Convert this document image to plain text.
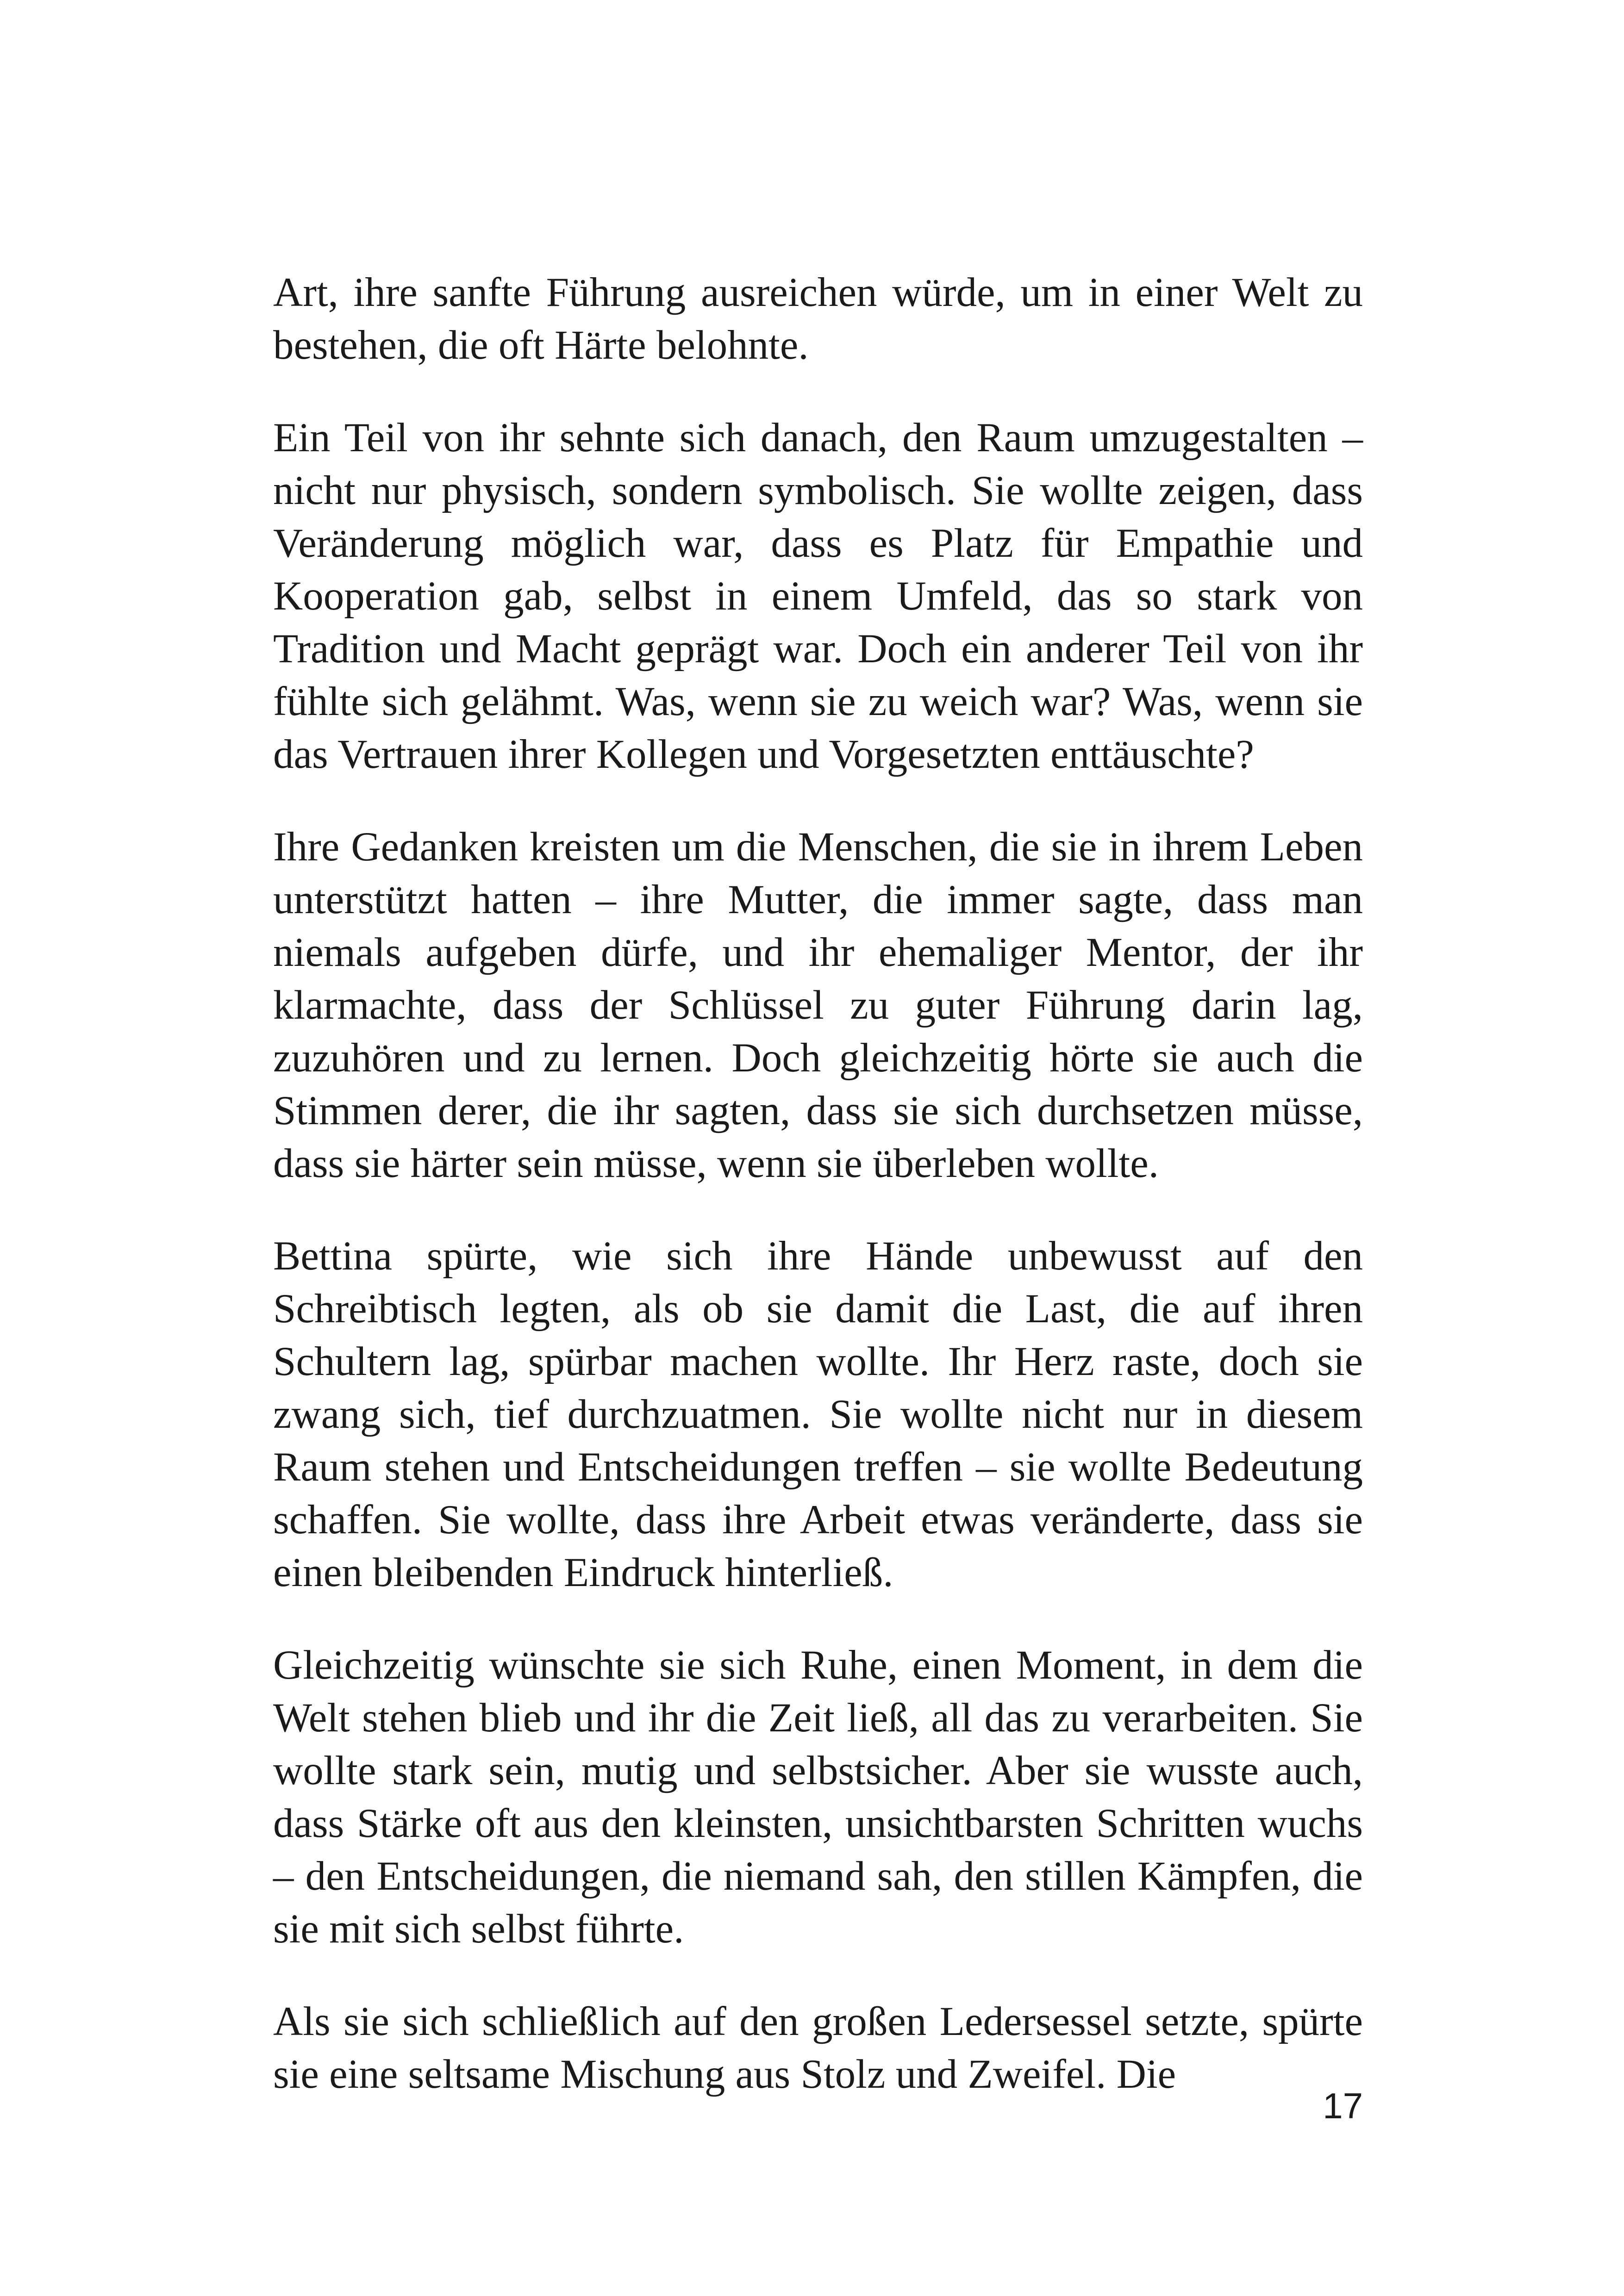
Art, ihre sanfte Führung ausreichen würde, um in einer Welt zu bestehen, die oft Härte belohnte.

Ein Teil von ihr sehnte sich danach, den Raum umzugestalten – nicht nur physisch, sondern symbolisch. Sie wollte zeigen, dass Veränderung möglich war, dass es Platz für Empathie und Kooperation gab, selbst in einem Umfeld, das so stark von Tradition und Macht geprägt war. Doch ein anderer Teil von ihr fühlte sich gelähmt. Was, wenn sie zu weich war? Was, wenn sie das Vertrauen ihrer Kollegen und Vorgesetzten enttäuschte?

Ihre Gedanken kreisten um die Menschen, die sie in ihrem Leben unterstützt hatten – ihre Mutter, die immer sagte, dass man niemals aufgeben dürfe, und ihr ehemaliger Mentor, der ihr klarmachte, dass der Schlüssel zu guter Führung darin lag, zuzuhören und zu lernen. Doch gleichzeitig hörte sie auch die Stimmen derer, die ihr sagten, dass sie sich durchsetzen müsse, dass sie härter sein müsse, wenn sie überleben wollte.

Bettina spürte, wie sich ihre Hände unbewusst auf den Schreibtisch legten, als ob sie damit die Last, die auf ihren Schultern lag, spürbar machen wollte. Ihr Herz raste, doch sie zwang sich, tief durchzuatmen. Sie wollte nicht nur in diesem Raum stehen und Entscheidungen treffen – sie wollte Bedeutung schaffen. Sie wollte, dass ihre Arbeit etwas veränderte, dass sie einen bleibenden Eindruck hinterließ.

Gleichzeitig wünschte sie sich Ruhe, einen Moment, in dem die Welt stehen blieb und ihr die Zeit ließ, all das zu verarbeiten. Sie wollte stark sein, mutig und selbstsicher. Aber sie wusste auch, dass Stärke oft aus den kleinsten, unsichtbarsten Schritten wuchs – den Entscheidungen, die niemand sah, den stillen Kämpfen, die sie mit sich selbst führte.

Als sie sich schließlich auf den großen Ledersessel setzte, spürte sie eine seltsame Mischung aus Stolz und Zweifel. Die

17
